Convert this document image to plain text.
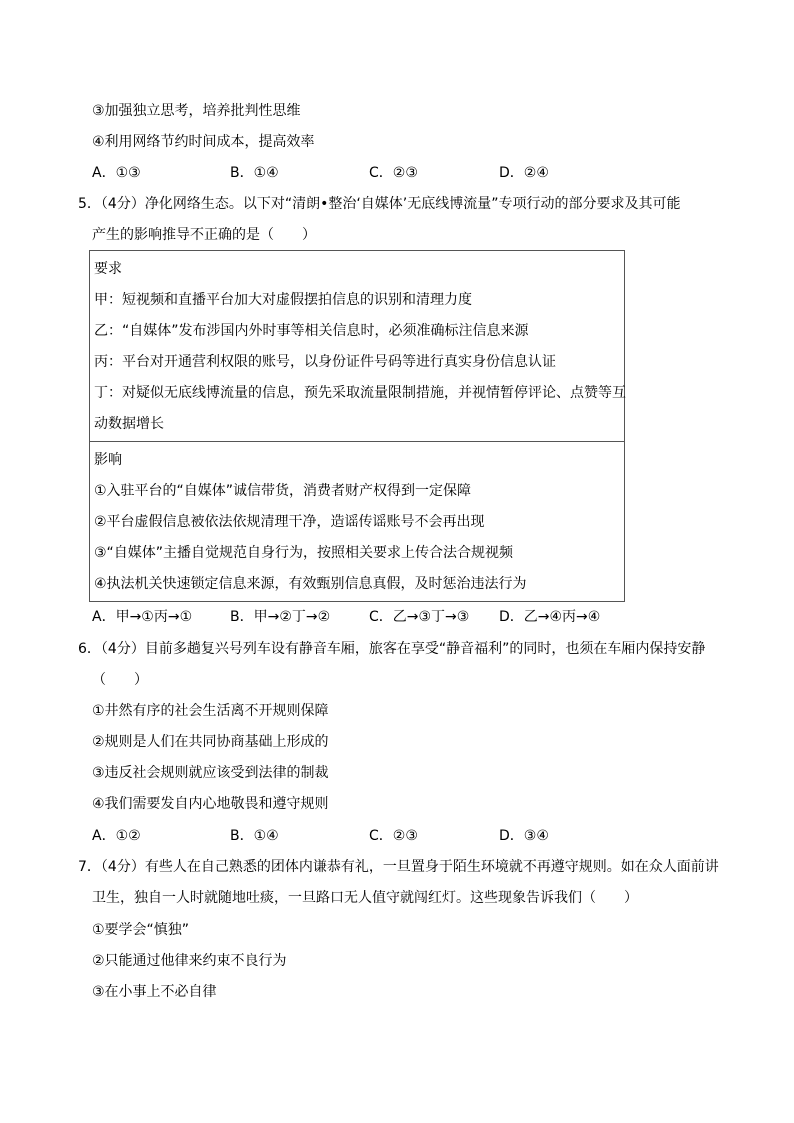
③加强独立思考，培养批判性思维
④利用网络节约时间成本，提高效率
A．①③	B．①④	C．②③	D．②④
5．（4分）净化网络生态。以下对“清朗•整治‘自媒体’无底线博流量”专项行动的部分要求及其可能
产生的影响推导不正确的是（　　）
要求
甲：短视频和直播平台加大对虚假摆拍信息的识别和清理力度
乙：“自媒体”发布涉国内外时事等相关信息时，必须准确标注信息来源
丙：平台对开通营利权限的账号，以身份证件号码等进行真实身份信息认证
丁：对疑似无底线博流量的信息，预先采取流量限制措施，并视情暂停评论、点赞等互
动数据增长
影响
①入驻平台的“自媒体”诚信带货，消费者财产权得到一定保障
②平台虚假信息被依法依规清理干净，造谣传谣账号不会再出现
③“自媒体”主播自觉规范自身行为，按照相关要求上传合法合规视频
④执法机关快速锁定信息来源，有效甄别信息真假，及时惩治违法行为
A．甲→①丙→①	B．甲→②丁→②	C．乙→③丁→③ D．乙→④丙→④
6．（4分）目前多趟复兴号列车设有静音车厢，旅客在享受“静音福利”的同时，也须在车厢内保持安静
（　　）
①井然有序的社会生活离不开规则保障
②规则是人们在共同协商基础上形成的
③违反社会规则就应该受到法律的制裁
④我们需要发自内心地敬畏和遵守规则
A．①②	B．①④	C．②③	D．③④
7．（4分）有些人在自己熟悉的团体内谦恭有礼，一旦置身于陌生环境就不再遵守规则。如在众人面前讲
卫生，独自一人时就随地吐痰，一旦路口无人值守就闯红灯。这些现象告诉我们（　　）
①要学会“慎独”
②只能通过他律来约束不良行为
③在小事上不必自律
